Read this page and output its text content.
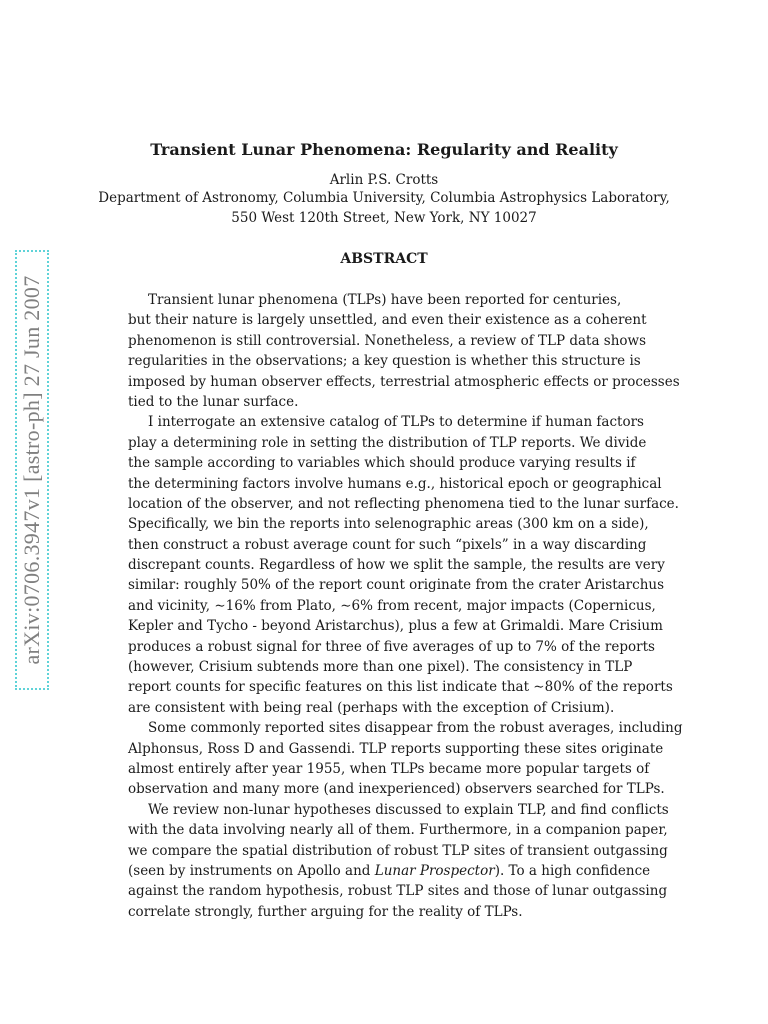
arXiv:0706.3947v1 [astro-ph] 27 Jun 2007
Transient Lunar Phenomena: Regularity and Reality
Arlin P.S. Crotts
Department of Astronomy, Columbia University, Columbia Astrophysics Laboratory,
550 West 120th Street, New York, NY 10027
ABSTRACT
Transient lunar phenomena (TLPs) have been reported for centuries,
but their nature is largely unsettled, and even their existence as a coherent
phenomenon is still controversial. Nonetheless, a review of TLP data shows
regularities in the observations; a key question is whether this structure is
imposed by human observer effects, terrestrial atmospheric effects or processes
tied to the lunar surface.
I interrogate an extensive catalog of TLPs to determine if human factors
play a determining role in setting the distribution of TLP reports. We divide
the sample according to variables which should produce varying results if
the determining factors involve humans e.g., historical epoch or geographical
location of the observer, and not reflecting phenomena tied to the lunar surface.
Specifically, we bin the reports into selenographic areas (300 km on a side),
then construct a robust average count for such “pixels” in a way discarding
discrepant counts. Regardless of how we split the sample, the results are very
similar: roughly 50% of the report count originate from the crater Aristarchus
and vicinity, ∼16% from Plato, ∼6% from recent, major impacts (Copernicus,
Kepler and Tycho - beyond Aristarchus), plus a few at Grimaldi. Mare Crisium
produces a robust signal for three of five averages of up to 7% of the reports
(however, Crisium subtends more than one pixel). The consistency in TLP
report counts for specific features on this list indicate that ∼80% of the reports
are consistent with being real (perhaps with the exception of Crisium).
Some commonly reported sites disappear from the robust averages, including
Alphonsus, Ross D and Gassendi. TLP reports supporting these sites originate
almost entirely after year 1955, when TLPs became more popular targets of
observation and many more (and inexperienced) observers searched for TLPs.
We review non-lunar hypotheses discussed to explain TLP, and find conflicts
with the data involving nearly all of them. Furthermore, in a companion paper,
we compare the spatial distribution of robust TLP sites of transient outgassing
(seen by instruments on Apollo and Lunar Prospector). To a high confidence
against the random hypothesis, robust TLP sites and those of lunar outgassing
correlate strongly, further arguing for the reality of TLPs.
